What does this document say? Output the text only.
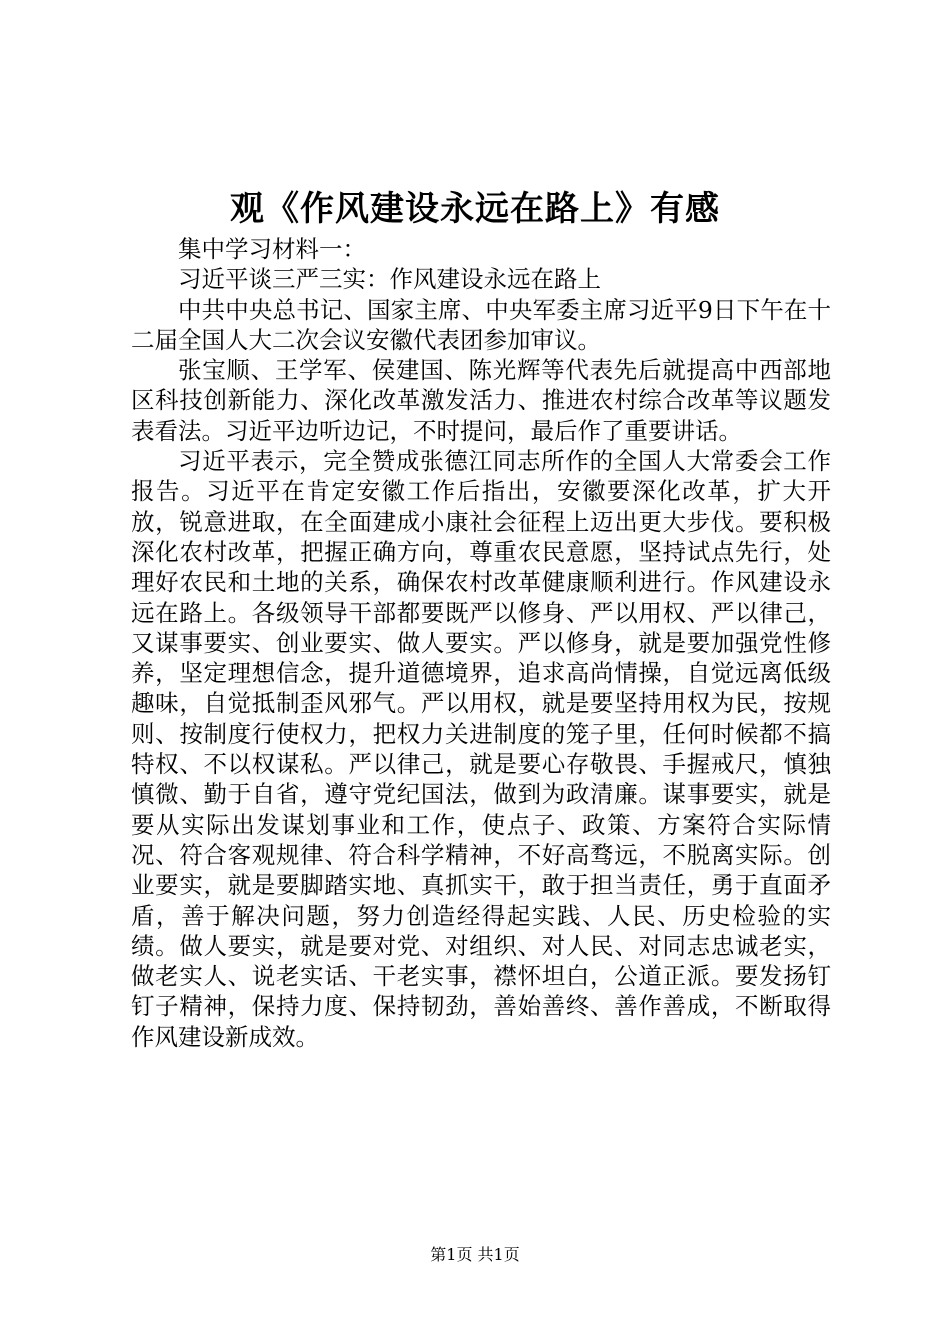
观《作风建设永远在路上》有感

集中学习材料一：

习近平谈三严三实：作风建设永远在路上

中共中央总书记、国家主席、中央军委主席习近平9日下午在十二届全国人大二次会议安徽代表团参加审议。

张宝顺、王学军、侯建国、陈光辉等代表先后就提高中西部地区科技创新能力、深化改革激发活力、推进农村综合改革等议题发表看法。习近平边听边记，不时提问，最后作了重要讲话。

习近平表示，完全赞成张德江同志所作的全国人大常委会工作报告。习近平在肯定安徽工作后指出，安徽要深化改革，扩大开放，锐意进取，在全面建成小康社会征程上迈出更大步伐。要积极深化农村改革，把握正确方向，尊重农民意愿，坚持试点先行，处理好农民和土地的关系，确保农村改革健康顺利进行。作风建设永远在路上。各级领导干部都要既严以修身、严以用权、严以律己，又谋事要实、创业要实、做人要实。严以修身，就是要加强党性修养，坚定理想信念，提升道德境界，追求高尚情操，自觉远离低级趣味，自觉抵制歪风邪气。严以用权，就是要坚持用权为民，按规则、按制度行使权力，把权力关进制度的笼子里，任何时候都不搞特权、不以权谋私。严以律己，就是要心存敬畏、手握戒尺，慎独慎微、勤于自省，遵守党纪国法，做到为政清廉。谋事要实，就是要从实际出发谋划事业和工作，使点子、政策、方案符合实际情况、符合客观规律、符合科学精神，不好高骛远，不脱离实际。创业要实，就是要脚踏实地、真抓实干，敢于担当责任，勇于直面矛盾，善于解决问题，努力创造经得起实践、人民、历史检验的实绩。做人要实，就是要对党、对组织、对人民、对同志忠诚老实，做老实人、说老实话、干老实事，襟怀坦白，公道正派。要发扬钉钉子精神，保持力度、保持韧劲，善始善终、善作善成，不断取得作风建设新成效。

第1页 共1页
